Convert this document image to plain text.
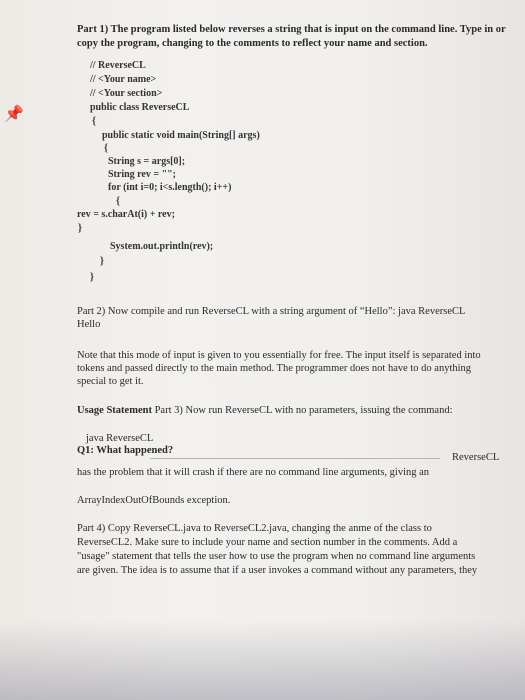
📌
Part 1) The program listed below reverses a string that is input on the command line. Type in or
copy the program, changing to the comments to reflect your name and section.
// ReverseCL
// <Your name>
// <Your section>
public class ReverseCL
{
public static void main(String[] args)
{
String s = args[0];
String rev = "";
for (int i=0; i<s.length(); i++)
{
rev = s.charAt(i) + rev;
}
System.out.println(rev);
}
}
Part 2) Now compile and run ReverseCL with a string argument of “Hello”: java ReverseCL
Hello
Note that this mode of input is given to you essentially for free. The input itself is separated into
tokens and passed directly to the main method. The programmer does not have to do anything
special to get it.
Usage Statement Part 3) Now run ReverseCL with no parameters, issuing the command:
java ReverseCL
Q1: What happened?
ReverseCL
has the problem that it will crash if there are no command line arguments, giving an
ArrayIndexOutOfBounds exception.
Part 4) Copy ReverseCL.java to ReverseCL2.java, changing the anme of the class to
ReverseCL2. Make sure to include your name and section number in the comments. Add a
"usage" statement that tells the user how to use the program when no command line arguments
are given. The idea is to assume that if a user invokes a command without any parameters, they
